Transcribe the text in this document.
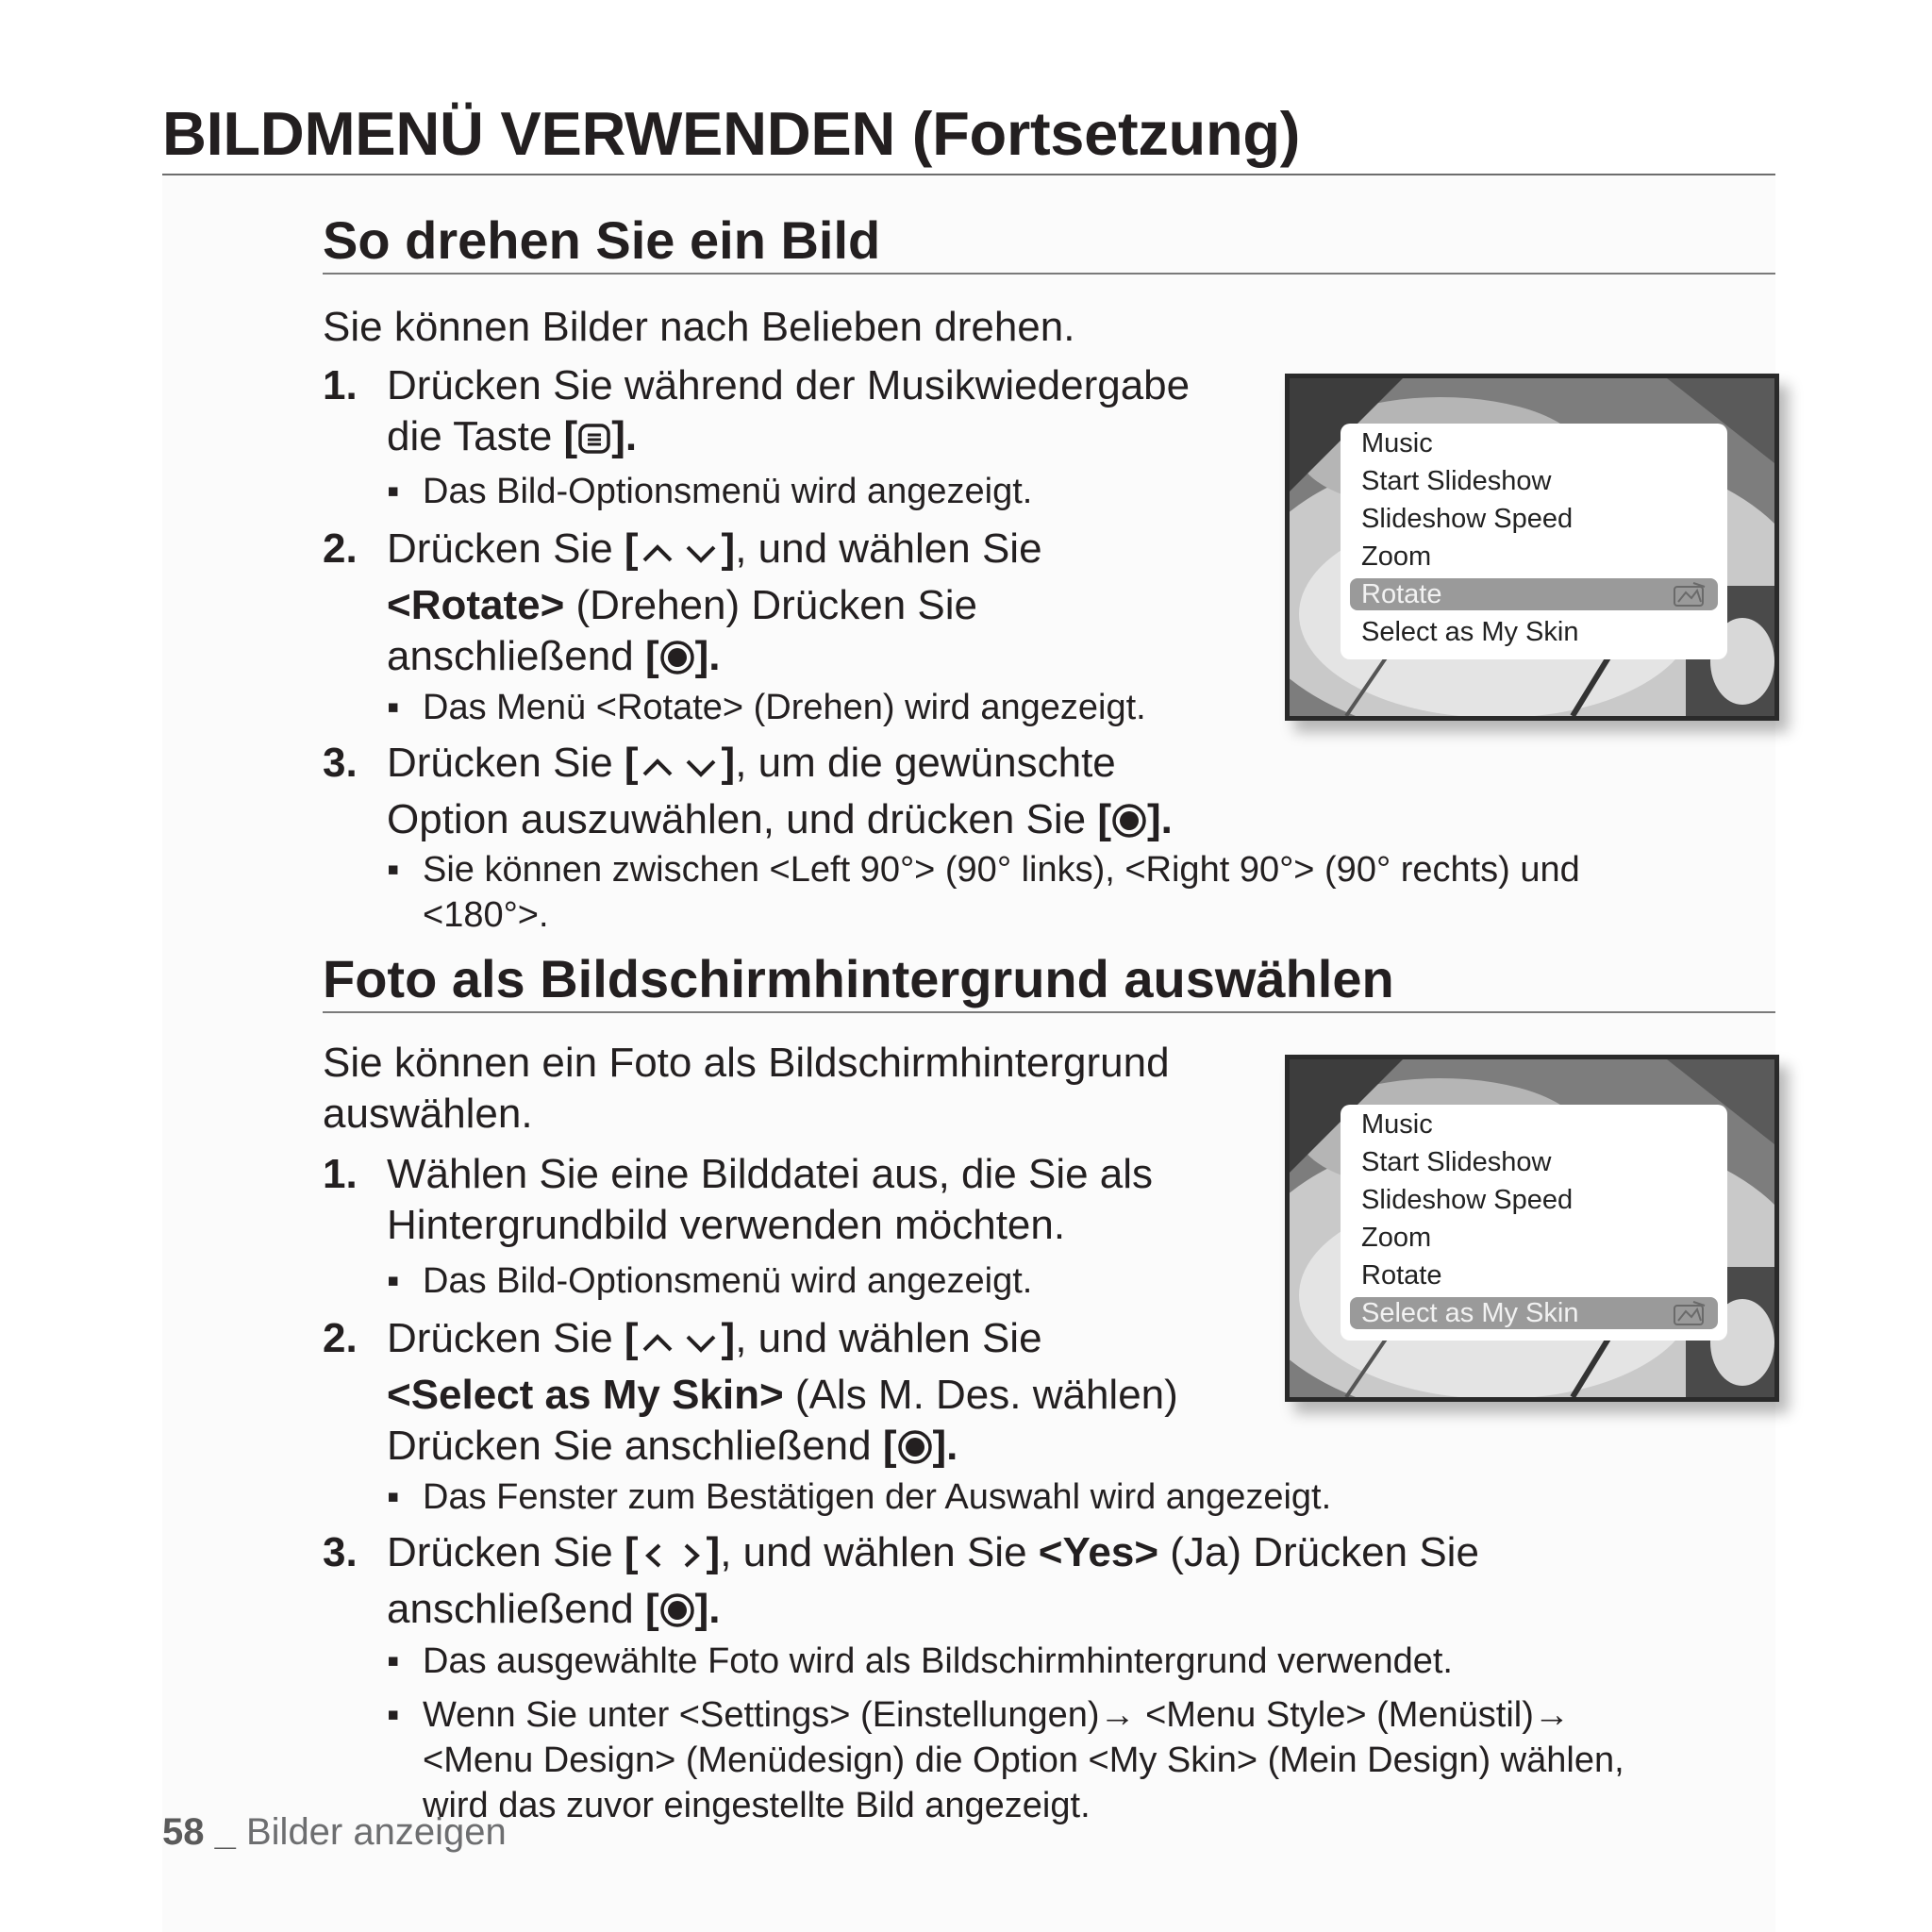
BILDMENÜ VERWENDEN (Fortsetzung)
So drehen Sie ein Bild

Sie können Bilder nach Belieben drehen.

1. Drücken Sie während der Musikwiedergabe
die Taste [ ].
▪ Das Bild-Optionsmenü wird angezeigt.
2. Drücken Sie [ ], und wählen Sie
<Rotate> (Drehen) Drücken Sie
anschließend [ ].
▪ Das Menü <Rotate> (Drehen) wird angezeigt.
3. Drücken Sie [ ], um die gewünschte
Option auszuwählen, und drücken Sie [ ].
▪ Sie können zwischen <Left 90°> (90° links), <Right 90°> (90° rechts) und
<180°>.
Music
Start Slideshow
Slideshow Speed
Zoom
Rotate
Select as My Skin
Foto als Bildschirmhintergrund auswählen

Sie können ein Foto als Bildschirmhintergrund
auswählen.

1. Wählen Sie eine Bilddatei aus, die Sie als
Hintergrundbild verwenden möchten.
▪ Das Bild-Optionsmenü wird angezeigt.
2. Drücken Sie [ ], und wählen Sie
<Select as My Skin> (Als M. Des. wählen)
Drücken Sie anschließend [ ].
▪ Das Fenster zum Bestätigen der Auswahl wird angezeigt.
3. Drücken Sie [ ], und wählen Sie <Yes> (Ja) Drücken Sie
anschließend [ ].
▪ Das ausgewählte Foto wird als Bildschirmhintergrund verwendet.
▪ Wenn Sie unter <Settings> (Einstellungen)→ <Menu Style> (Menüstil)→
<Menu Design> (Menüdesign) die Option <My Skin> (Mein Design) wählen,
wird das zuvor eingestellte Bild angezeigt.
Music
Start Slideshow
Slideshow Speed
Zoom
Rotate
Select as My Skin
58 _ Bilder anzeigen
